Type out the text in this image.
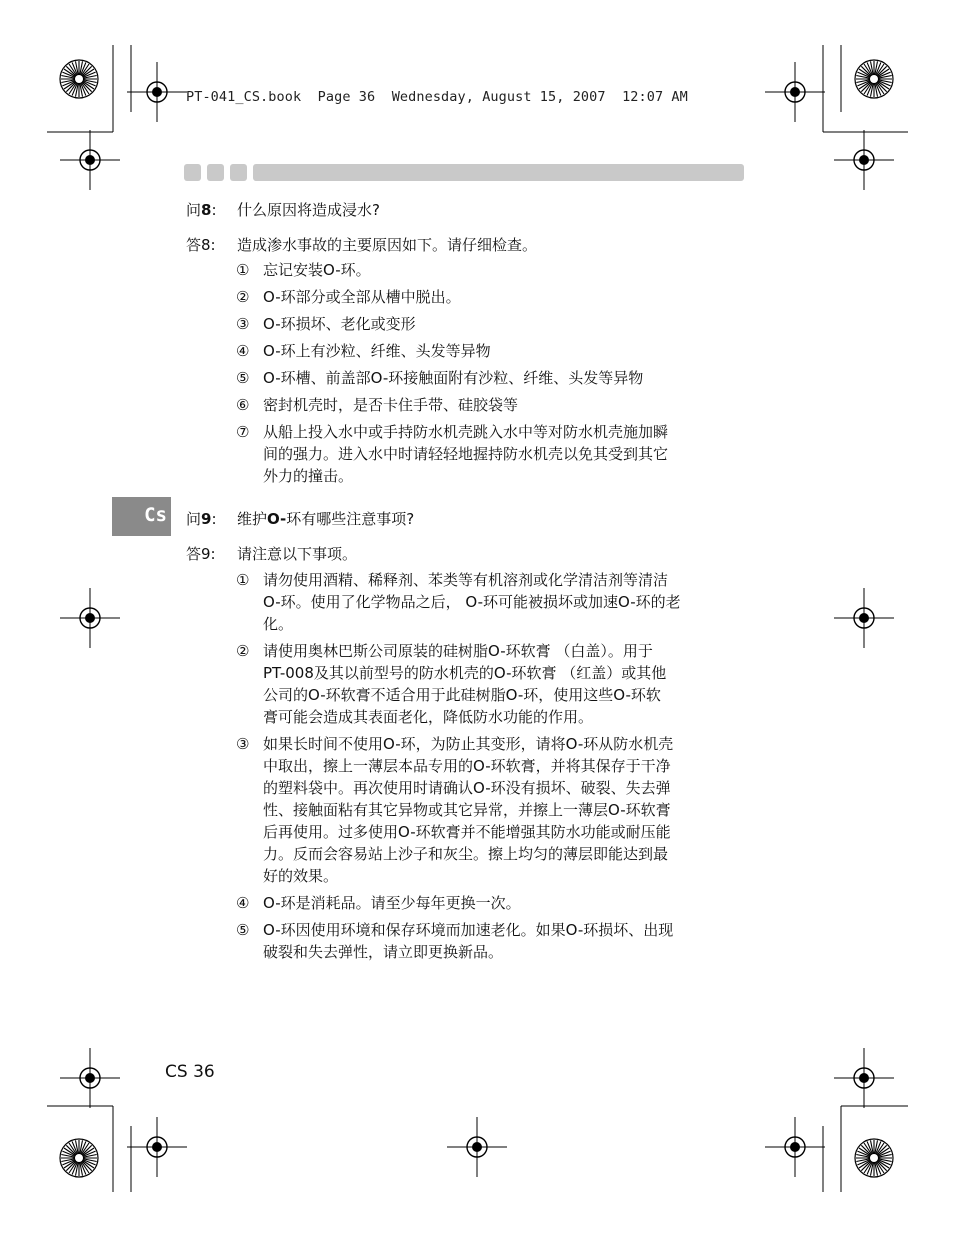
PT-041_CS.book  Page 36  Wednesday, August 15, 2007  12:07 AM
Cs
问8: 什么原因将造成浸水?
答8: 造成渗水事故的主要原因如下。请仔细检查。
① 忘记安装O-环。
② O-环部分或全部从槽中脱出。
③ O-环损坏、老化或变形
④ O-环上有沙粒、纤维、头发等异物
⑤ O-环槽、前盖部O-环接触面附有沙粒、纤维、头发等异物
⑥ 密封机壳时，是否卡住手带、硅胶袋等
⑦ 从船上投入水中或手持防水机壳跳入水中等对防水机壳施加瞬
间的强力。进入水中时请轻轻地握持防水机壳以免其受到其它
外力的撞击。
问9: 维护O-环有哪些注意事项?
答9: 请注意以下事项。
① 请勿使用酒精、稀释剂、苯类等有机溶剂或化学清洁剂等清洁
O-环。使用了化学物品之后， O-环可能被损坏或加速O-环的老
化。
② 请使用奥林巴斯公司原装的硅树脂O-环软膏 （白盖）。用于
PT-008及其以前型号的防水机壳的O-环软膏 （红盖）或其他
公司的O-环软膏不适合用于此硅树脂O-环，使用这些O-环软
膏可能会造成其表面老化，降低防水功能的作用。
③ 如果长时间不使用O-环，为防止其变形，请将O-环从防水机壳
中取出，擦上一薄层本品专用的O-环软膏，并将其保存于干净
的塑料袋中。再次使用时请确认O-环没有损坏、破裂、失去弹
性、接触面粘有其它异物或其它异常，并擦上一薄层O-环软膏
后再使用。过多使用O-环软膏并不能增强其防水功能或耐压能
力。反而会容易站上沙子和灰尘。擦上均匀的薄层即能达到最
好的效果。
④ O-环是消耗品。请至少每年更换一次。
⑤ O-环因使用环境和保存环境而加速老化。如果O-环损坏、出现
破裂和失去弹性，请立即更换新品。
CS 36
